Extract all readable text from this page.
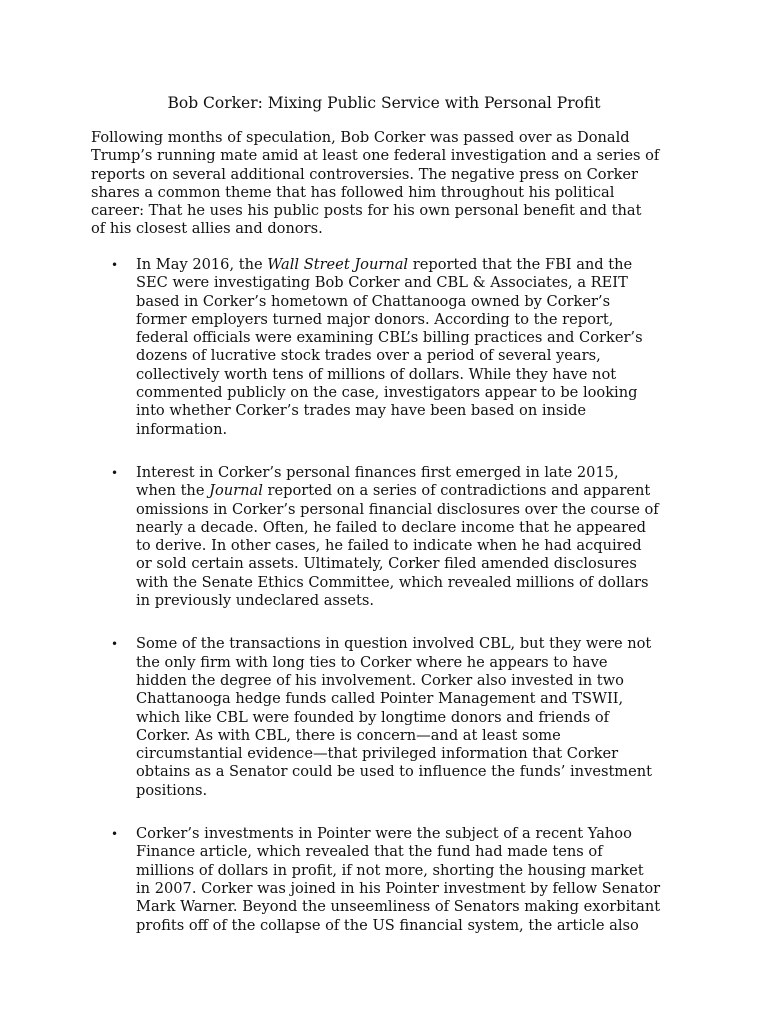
Bob Corker: Mixing Public Service with Personal Profit
Following months of speculation, Bob Corker was passed over as Donald
Trump’s running mate amid at least one federal investigation and a series of
reports on several additional controversies. The negative press on Corker
shares a common theme that has followed him throughout his political
career: That he uses his public posts for his own personal benefit and that
of his closest allies and donors.
• In May 2016, the Wall Street Journal reported that the FBI and the
SEC were investigating Bob Corker and CBL & Associates, a REIT
based in Corker’s hometown of Chattanooga owned by Corker’s
former employers turned major donors. According to the report,
federal officials were examining CBL’s billing practices and Corker’s
dozens of lucrative stock trades over a period of several years,
collectively worth tens of millions of dollars. While they have not
commented publicly on the case, investigators appear to be looking
into whether Corker’s trades may have been based on inside
information.
• Interest in Corker’s personal finances first emerged in late 2015,
when the Journal reported on a series of contradictions and apparent
omissions in Corker’s personal financial disclosures over the course of
nearly a decade. Often, he failed to declare income that he appeared
to derive. In other cases, he failed to indicate when he had acquired
or sold certain assets. Ultimately, Corker filed amended disclosures
with the Senate Ethics Committee, which revealed millions of dollars
in previously undeclared assets.
• Some of the transactions in question involved CBL, but they were not
the only firm with long ties to Corker where he appears to have
hidden the degree of his involvement. Corker also invested in two
Chattanooga hedge funds called Pointer Management and TSWII,
which like CBL were founded by longtime donors and friends of
Corker. As with CBL, there is concern—and at least some
circumstantial evidence—that privileged information that Corker
obtains as a Senator could be used to influence the funds’ investment
positions.
• Corker’s investments in Pointer were the subject of a recent Yahoo
Finance article, which revealed that the fund had made tens of
millions of dollars in profit, if not more, shorting the housing market
in 2007. Corker was joined in his Pointer investment by fellow Senator
Mark Warner. Beyond the unseemliness of Senators making exorbitant
profits off of the collapse of the US financial system, the article also
